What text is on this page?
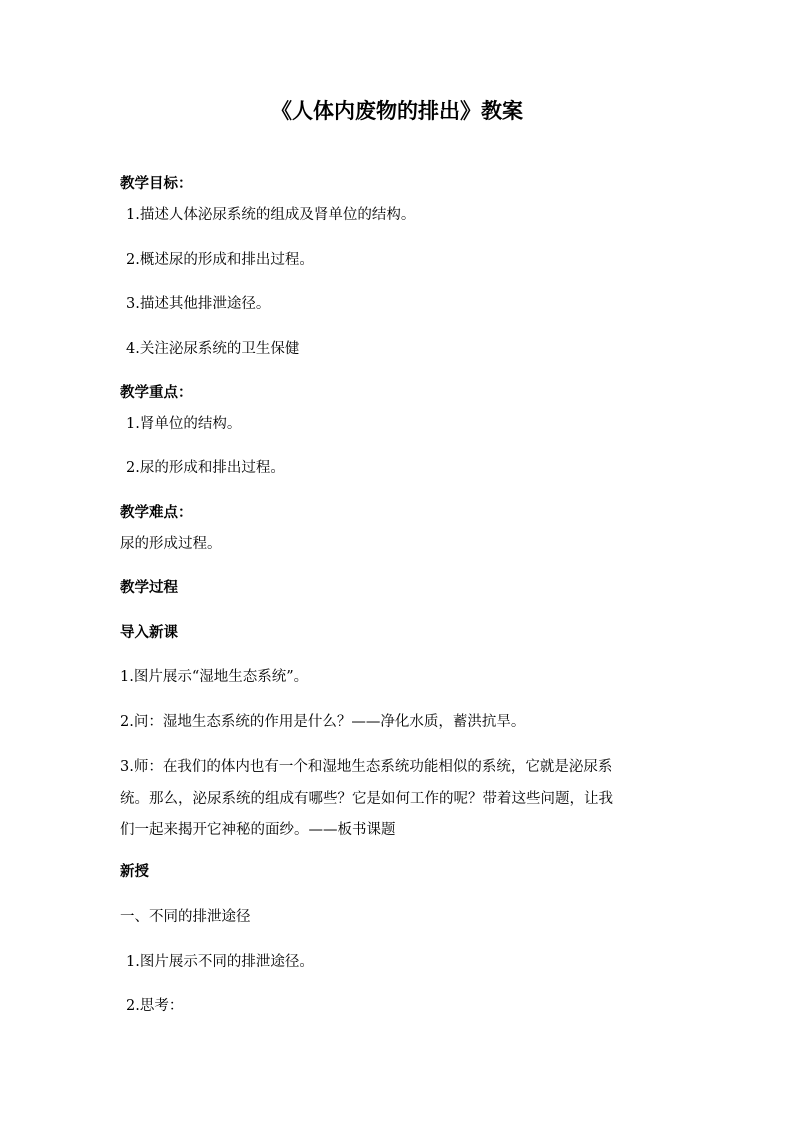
《人体内废物的排出》教案
教学目标：
1.描述人体泌尿系统的组成及肾单位的结构。
2.概述尿的形成和排出过程。
3.描述其他排泄途径。
4.关注泌尿系统的卫生保健
教学重点：
1.肾单位的结构。
2.尿的形成和排出过程。
教学难点：
尿的形成过程。
教学过程
导入新课
1.图片展示“湿地生态系统”。
2.问：湿地生态系统的作用是什么？——净化水质，蓄洪抗旱。
3.师：在我们的体内也有一个和湿地生态系统功能相似的系统，它就是泌尿系
统。那么，泌尿系统的组成有哪些？它是如何工作的呢？带着这些问题，让我
们一起来揭开它神秘的面纱。——板书课题
新授
一、不同的排泄途径
1.图片展示不同的排泄途径。
2.思考：
